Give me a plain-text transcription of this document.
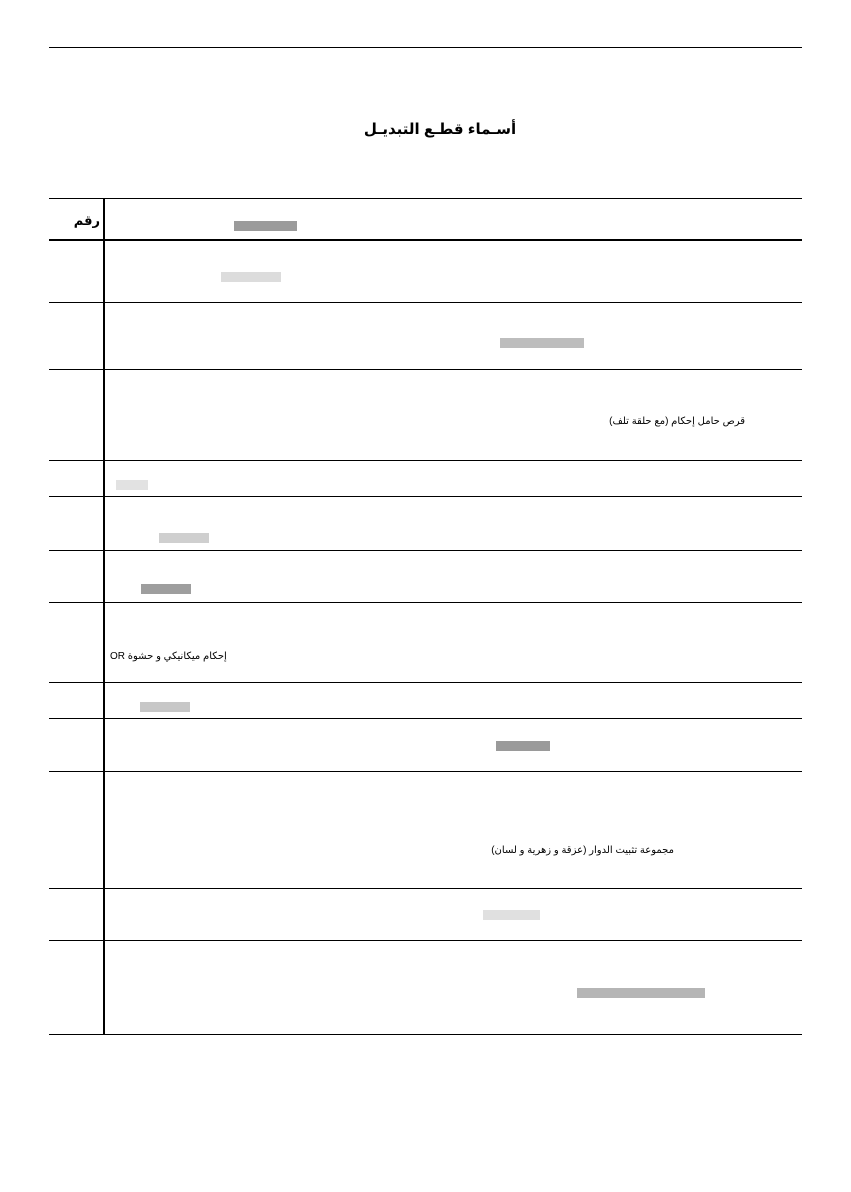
أسـماء قطـع التبديـل
رقم
قرص حامل إحكام (مع حلقة تلف)
إحكام ميكانيكي و حشوة OR
مجموعة تثبيت الدوار (عزقة و زهرية و لسان)
